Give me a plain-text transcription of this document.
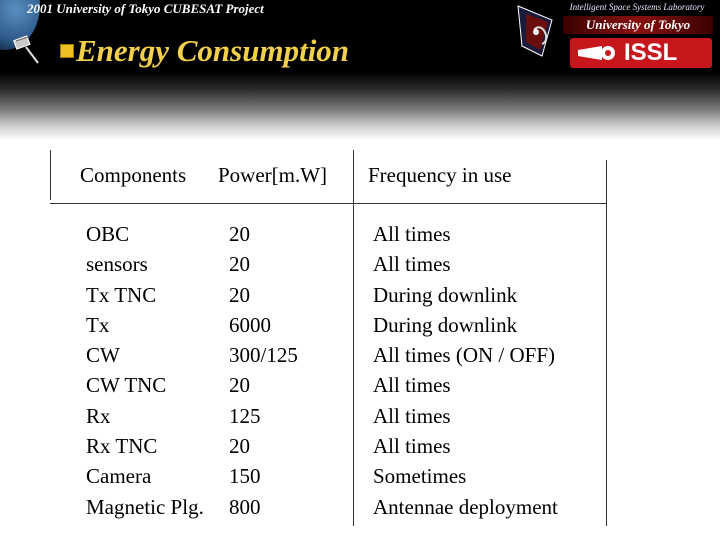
2001 University of Tokyo CUBESAT Project
Energy Consumption
Intelligent Space Systems Laboratory
University of Tokyo
ISSL
Components Power[m.W] Frequency in use
OBC
sensors
Tx TNC
Tx
CW
CW TNC
Rx
Rx TNC
Camera
Magnetic Plg.
20
20
20
6000
300/125
20
125
20
150
800
All times
All times
During downlink
During downlink
All times (ON / OFF)
All times
All times
All times
Sometimes
Antennae deployment
